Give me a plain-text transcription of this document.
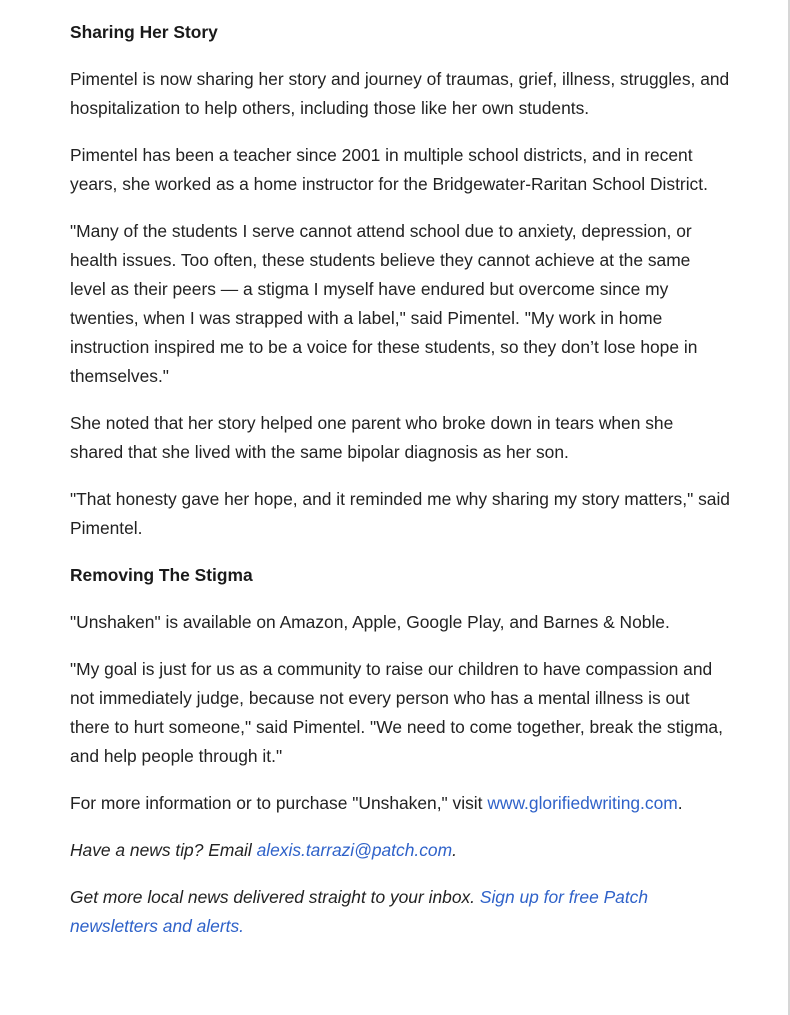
Sharing Her Story

Pimentel is now sharing her story and journey of traumas, grief, illness, struggles, and hospitalization to help others, including those like her own students.

Pimentel has been a teacher since 2001 in multiple school districts, and in recent years, she worked as a home instructor for the Bridgewater-Raritan School District.

"Many of the students I serve cannot attend school due to anxiety, depression, or health issues. Too often, these students believe they cannot achieve at the same level as their peers — a stigma I myself have endured but overcome since my twenties, when I was strapped with a label," said Pimentel. "My work in home instruction inspired me to be a voice for these students, so they don’t lose hope in themselves."

She noted that her story helped one parent who broke down in tears when she shared that she lived with the same bipolar diagnosis as her son.

"That honesty gave her hope, and it reminded me why sharing my story matters," said Pimentel.

Removing The Stigma

"Unshaken" is available on Amazon, Apple, Google Play, and Barnes & Noble.

"My goal is just for us as a community to raise our children to have compassion and not immediately judge, because not every person who has a mental illness is out there to hurt someone," said Pimentel. "We need to come together, break the stigma, and help people through it."

For more information or to purchase "Unshaken," visit www.glorifiedwriting.com.

Have a news tip? Email alexis.tarrazi@patch.com.

Get more local news delivered straight to your inbox. Sign up for free Patch newsletters and alerts.
